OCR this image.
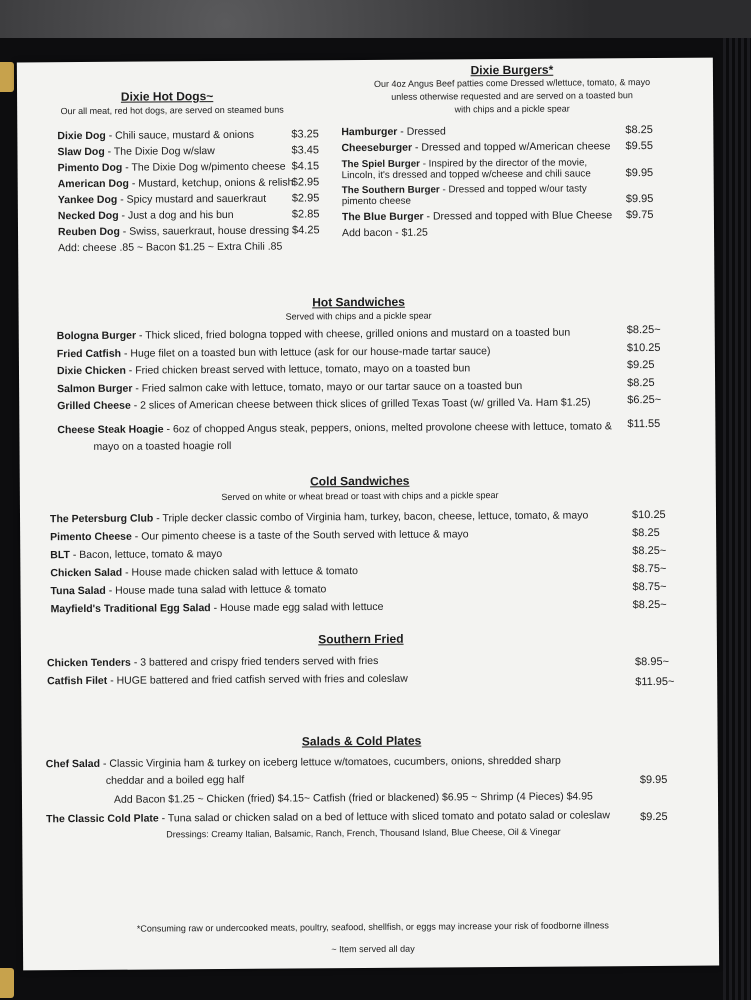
Dixie Hot Dogs~
Our all meat, red hot dogs, are served on steamed buns
Dixie Dog - Chili sauce, mustard & onions
Slaw Dog - The Dixie Dog w/slaw
Pimento Dog - The Dixie Dog w/pimento cheese
American Dog - Mustard, ketchup, onions & relish
Yankee Dog - Spicy mustard and sauerkraut
Necked Dog - Just a dog and his bun
Reuben Dog - Swiss, sauerkraut, house dressing
Add: cheese .85 ~ Bacon $1.25 ~ Extra Chili .85
$3.25
$3.45
$4.15
$2.95
$2.95
$2.85
$4.25
Dixie Burgers*
Our 4oz Angus Beef patties come Dressed w/lettuce, tomato, & mayo
unless otherwise requested and are served on a toasted bun
with chips and a pickle spear
Hamburger - Dressed
Cheeseburger - Dressed and topped w/American cheese
The Spiel Burger - Inspired by the director of the movie,
Lincoln, it's dressed and topped w/cheese and chili sauce
The Southern Burger - Dressed and topped w/our tasty
pimento cheese
The Blue Burger - Dressed and topped with Blue Cheese
Add bacon - $1.25
$8.25
$9.55
$9.95
$9.95
$9.75
Hot Sandwiches
Served with chips and a pickle spear
Bologna Burger - Thick sliced, fried bologna topped with cheese, grilled onions and mustard on a toasted bun
Fried Catfish - Huge filet on a toasted bun with lettuce (ask for our house-made tartar sauce)
Dixie Chicken - Fried chicken breast served with lettuce, tomato, mayo on a toasted bun
Salmon Burger - Fried salmon cake with lettuce, tomato, mayo or our tartar sauce on a toasted bun
Grilled Cheese - 2 slices of American cheese between thick slices of grilled Texas Toast (w/ grilled Va. Ham $1.25)
Cheese Steak Hoagie - 6oz of chopped Angus steak, peppers, onions, melted provolone cheese with lettuce, tomato &
mayo on a toasted hoagie roll
$8.25~
$10.25
$9.25
$8.25
$6.25~
$11.55
Cold Sandwiches
Served on white or wheat bread or toast with chips and a pickle spear
The Petersburg Club - Triple decker classic combo of Virginia ham, turkey, bacon, cheese, lettuce, tomato, & mayo
Pimento Cheese - Our pimento cheese is a taste of the South served with lettuce & mayo
BLT - Bacon, lettuce, tomato & mayo
Chicken Salad - House made chicken salad with lettuce & tomato
Tuna Salad - House made tuna salad with lettuce & tomato
Mayfield's Traditional Egg Salad - House made egg salad with lettuce
$10.25
$8.25
$8.25~
$8.75~
$8.75~
$8.25~
Southern Fried
Chicken Tenders - 3 battered and crispy fried tenders served with fries
Catfish Filet - HUGE battered and fried catfish served with fries and coleslaw
$8.95~
$11.95~
Salads & Cold Plates
Chef Salad - Classic Virginia ham & turkey on iceberg lettuce w/tomatoes, cucumbers, onions, shredded sharp
cheddar and a boiled egg half
Add Bacon $1.25 ~ Chicken (fried) $4.15~ Catfish (fried or blackened) $6.95 ~ Shrimp (4 Pieces) $4.95
The Classic Cold Plate - Tuna salad or chicken salad on a bed of lettuce with sliced tomato and potato salad or coleslaw
Dressings: Creamy Italian, Balsamic, Ranch, French, Thousand Island, Blue Cheese, Oil & Vinegar
$9.95
$9.25
*Consuming raw or undercooked meats, poultry, seafood, shellfish, or eggs may increase your risk of foodborne illness
~ Item served all day
